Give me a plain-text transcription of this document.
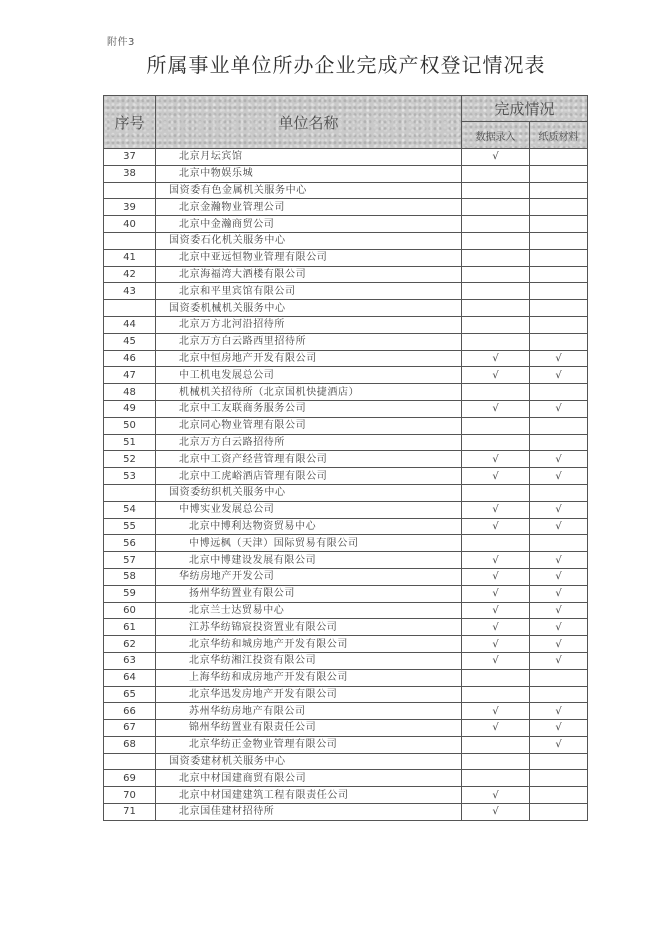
附件3
所属事业单位所办企业完成产权登记情况表
序号	单位名称	完成情况	
		数据录入	纸质材料
37	北京月坛宾馆	√	
38	北京中物娱乐城		
	国资委有色金属机关服务中心		
39	北京金瀚物业管理公司		
40	北京中金瀚商贸公司		
	国资委石化机关服务中心		
41	北京中亚远恒物业管理有限公司		
42	北京海福湾大酒楼有限公司		
43	北京和平里宾馆有限公司		
	国资委机械机关服务中心		
44	北京万方北河沿招待所		
45	北京万方白云路西里招待所		
46	北京中恒房地产开发有限公司	√	√
47	中工机电发展总公司	√	√
48	机械机关招待所（北京国机快捷酒店）		
49	北京中工友联商务服务公司	√	√
50	北京同心物业管理有限公司		
51	北京万方白云路招待所		
52	北京中工资产经营管理有限公司	√	√
53	北京中工虎峪酒店管理有限公司	√	√
	国资委纺织机关服务中心		
54	中博实业发展总公司	√	√
55	北京中博利达物资贸易中心	√	√
56	中博远枫（天津）国际贸易有限公司		
57	北京中博建设发展有限公司	√	√
58	华纺房地产开发公司	√	√
59	扬州华纺置业有限公司	√	√
60	北京兰士达贸易中心	√	√
61	江苏华纺锦宸投资置业有限公司	√	√
62	北京华纺和城房地产开发有限公司	√	√
63	北京华纺湘江投资有限公司	√	√
64	上海华纺和成房地产开发有限公司		
65	北京华迅发房地产开发有限公司		
66	苏州华纺房地产有限公司	√	√
67	锦州华纺置业有限责任公司	√	√
68	北京华纺正金物业管理有限公司		√
	国资委建材机关服务中心		
69	北京中材国建商贸有限公司		
70	北京中材国建建筑工程有限责任公司	√	
71	北京国佳建材招待所	√	
